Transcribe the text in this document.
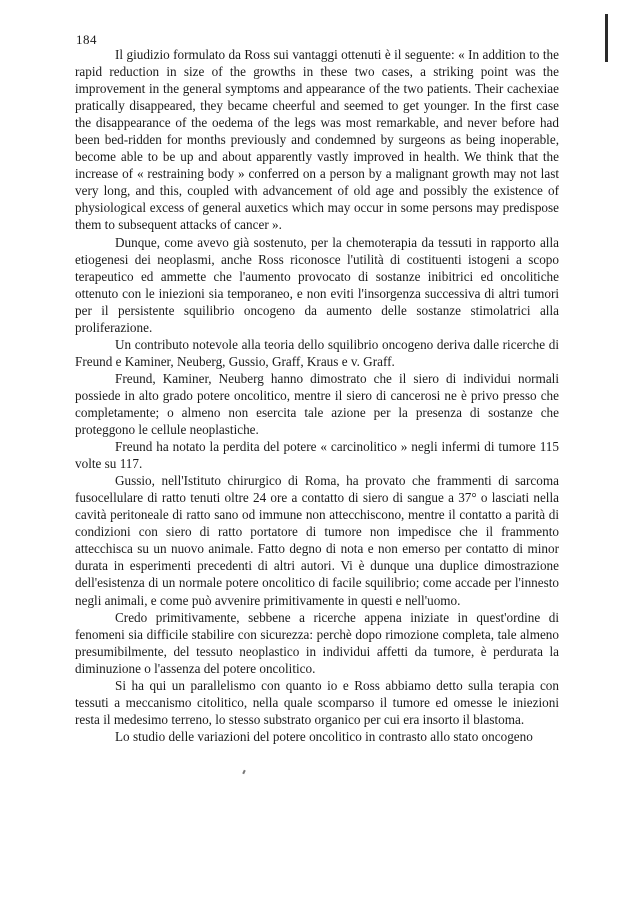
184

Il giudizio formulato da Ross sui vantaggi ottenuti è il seguente: « In addition to the rapid reduction in size of the growths in these two cases, a striking point was the improvement in the general symptoms and appearance of the two patients. Their cachexiae pratically disappeared, they became cheerful and seemed to get younger. In the first case the disappearance of the oedema of the legs was most remarkable, and never before had been bed-ridden for months previously and condemned by surgeons as being inoperable, become able to be up and about apparently vastly improved in health. We think that the increase of « restraining body » conferred on a person by a malignant growth may not last very long, and this, coupled with advancement of old age and possibly the existence of physiological excess of general auxetics which may occur in some persons may predispose them to subsequent attacks of cancer ».

Dunque, come avevo già sostenuto, per la chemoterapia da tessuti in rapporto alla etiogenesi dei neoplasmi, anche Ross riconosce l'utilità di costituenti istogeni a scopo terapeutico ed ammette che l'aumento provocato di sostanze inibitrici ed oncolitiche ottenuto con le iniezioni sia temporaneo, e non eviti l'insorgenza successiva di altri tumori per il persistente squilibrio oncogeno da aumento delle sostanze stimolatrici alla proliferazione.

Un contributo notevole alla teoria dello squilibrio oncogeno deriva dalle ricerche di Freund e Kaminer, Neuberg, Gussio, Graff, Kraus e v. Graff.

Freund, Kaminer, Neuberg hanno dimostrato che il siero di individui normali possiede in alto grado potere oncolitico, mentre il siero di cancerosi ne è privo presso che completamente; o almeno non esercita tale azione per la presenza di sostanze che proteggono le cellule neoplastiche.

Freund ha notato la perdita del potere « carcinolitico » negli infermi di tumore 115 volte su 117.

Gussio, nell'Istituto chirurgico di Roma, ha provato che frammenti di sarcoma fusocellulare di ratto tenuti oltre 24 ore a contatto di siero di sangue a 37° o lasciati nella cavità peritoneale di ratto sano od immune non attecchiscono, mentre il contatto a parità di condizioni con siero di ratto portatore di tumore non impedisce che il frammento attecchisca su un nuovo animale. Fatto degno di nota e non emerso per contatto di minor durata in esperimenti precedenti di altri autori. Vi è dunque una duplice dimostrazione dell'esistenza di un normale potere oncolitico di facile squilibrio; come accade per l'innesto negli animali, e come può avvenire primitivamente in questi e nell'uomo.

Credo primitivamente, sebbene a ricerche appena iniziate in quest'ordine di fenomeni sia difficile stabilire con sicurezza: perchè dopo rimozione completa, tale almeno presumibilmente, del tessuto neoplastico in individui affetti da tumore, è perdurata la diminuzione o l'assenza del potere oncolitico.

Si ha qui un parallelismo con quanto io e Ross abbiamo detto sulla terapia con tessuti a meccanismo citolitico, nella quale scomparso il tumore ed omesse le iniezioni resta il medesimo terreno, lo stesso substrato organico per cui era insorto il blastoma.

Lo studio delle variazioni del potere oncolitico in contrasto allo stato oncogeno
